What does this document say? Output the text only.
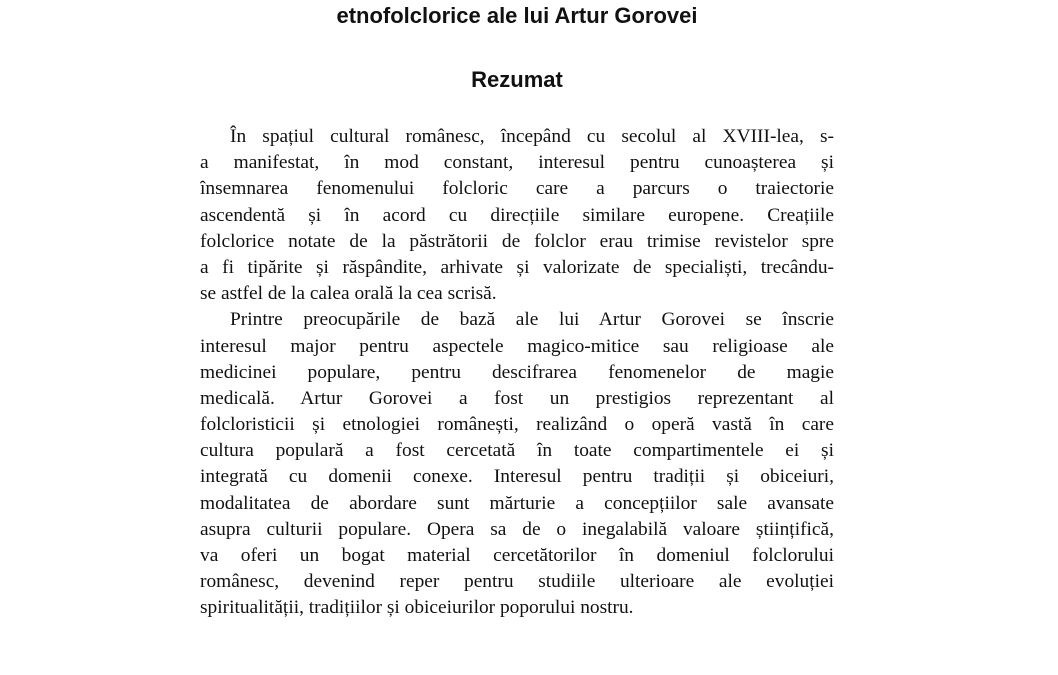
etnofolclorice ale lui Artur Gorovei
Rezumat
În spațiul cultural românesc, începând cu secolul al XVIII-lea, s-
a manifestat, în mod constant, interesul pentru cunoașterea și
însemnarea fenomenului folcloric care a parcurs o traiectorie
ascendentă și în acord cu direcțiile similare europene. Creațiile
folclorice notate de la păstrătorii de folclor erau trimise revistelor spre
a fi tipărite și răspândite, arhivate și valorizate de specialiști, trecându-
se astfel de la calea orală la cea scrisă.
Printre preocupările de bază ale lui Artur Gorovei se înscrie
interesul major pentru aspectele magico-mitice sau religioase ale
medicinei populare, pentru descifrarea fenomenelor de magie
medicală. Artur Gorovei a fost un prestigios reprezentant al
folcloristicii și etnologiei românești, realizând o operă vastă în care
cultura populară a fost cercetată în toate compartimentele ei și
integrată cu domenii conexe. Interesul pentru tradiții și obiceiuri,
modalitatea de abordare sunt mărturie a concepțiilor sale avansate
asupra culturii populare. Opera sa de o inegalabilă valoare științifică,
va oferi un bogat material cercetătorilor în domeniul folclorului
românesc, devenind reper pentru studiile ulterioare ale evoluției
spiritualității, tradițiilor și obiceiurilor poporului nostru.
